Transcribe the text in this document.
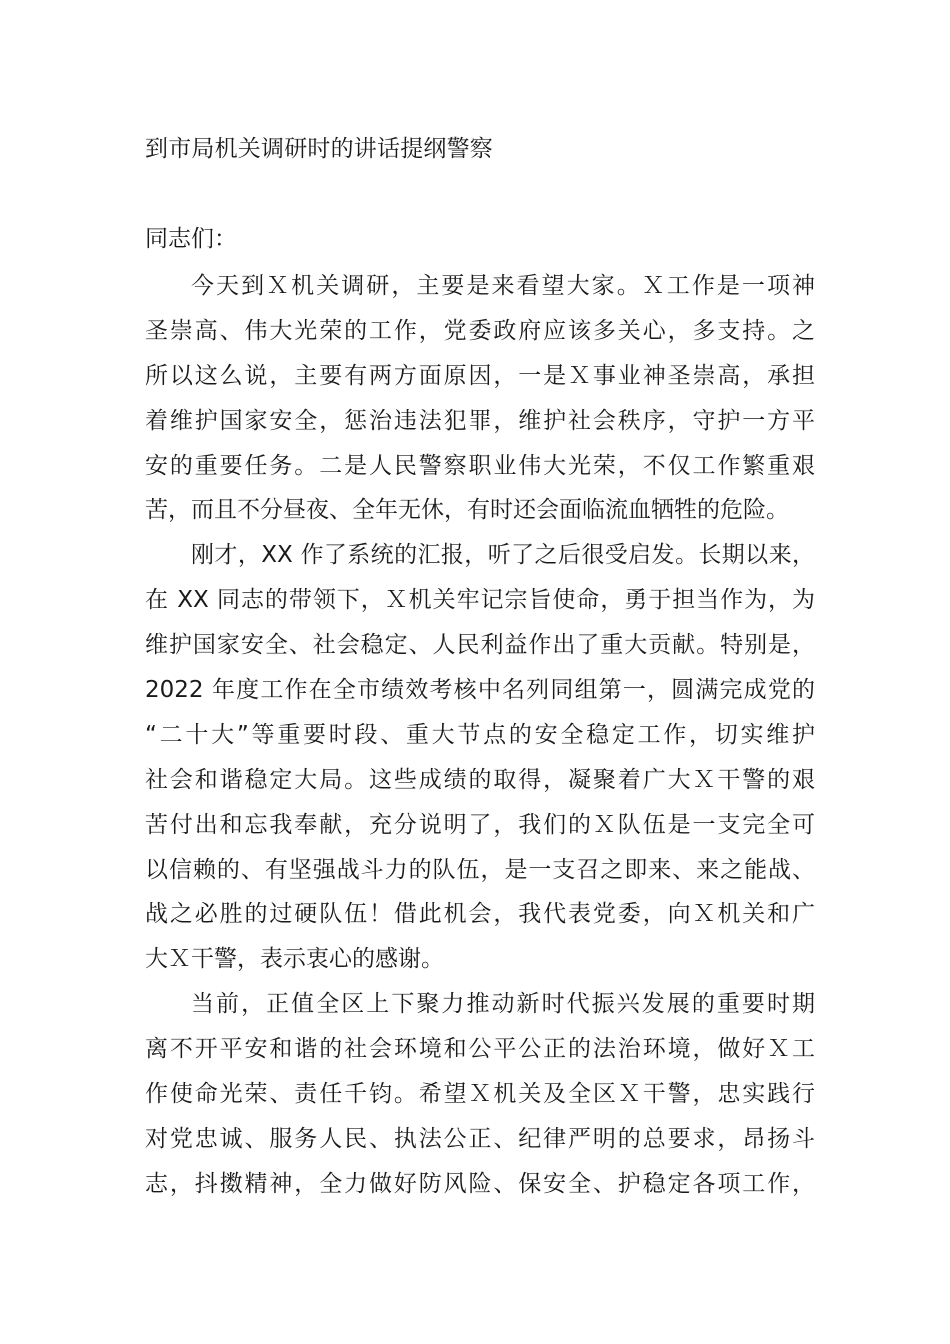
到市局机关调研时的讲话提纲警察
同志们：
今天到Ｘ机关调研，主要是来看望大家。Ｘ工作是一项神
圣崇高、伟大光荣的工作，党委政府应该多关心，多支持。之
所以这么说，主要有两方面原因，一是Ｘ事业神圣崇高，承担
着维护国家安全，惩治违法犯罪，维护社会秩序，守护一方平
安的重要任务。二是人民警察职业伟大光荣，不仅工作繁重艰
苦，而且不分昼夜、全年无休，有时还会面临流血牺牲的危险。
刚才，XX 作了系统的汇报，听了之后很受启发。长期以来，
在 XX 同志的带领下，Ｘ机关牢记宗旨使命，勇于担当作为，为
维护国家安全、社会稳定、人民利益作出了重大贡献。特别是，
2022 年度工作在全市绩效考核中名列同组第一，圆满完成党的
“二十大”等重要时段、重大节点的安全稳定工作，切实维护
社会和谐稳定大局。这些成绩的取得，凝聚着广大Ｘ干警的艰
苦付出和忘我奉献，充分说明了，我们的Ｘ队伍是一支完全可
以信赖的、有坚强战斗力的队伍，是一支召之即来、来之能战、
战之必胜的过硬队伍！借此机会，我代表党委，向Ｘ机关和广
大Ｘ干警，表示衷心的感谢。
当前，正值全区上下聚力推动新时代振兴发展的重要时期
离不开平安和谐的社会环境和公平公正的法治环境，做好Ｘ工
作使命光荣、责任千钧。希望Ｘ机关及全区Ｘ干警，忠实践行
对党忠诚、服务人民、执法公正、纪律严明的总要求，昂扬斗
志，抖擞精神，全力做好防风险、保安全、护稳定各项工作，
